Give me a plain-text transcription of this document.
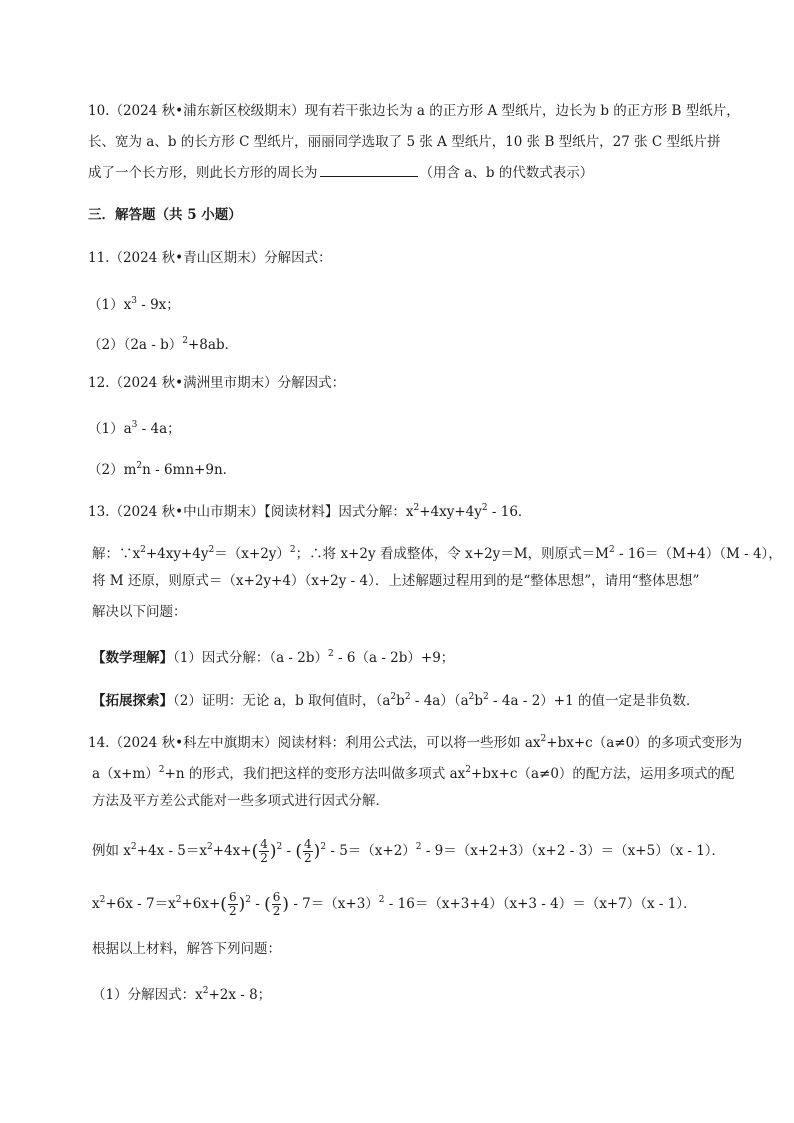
10.（2024 秋•浦东新区校级期末）现有若干张边长为 a 的正方形 A 型纸片，边长为 b 的正方形 B 型纸片，
长、宽为 a、b 的长方形 C 型纸片，丽丽同学选取了 5 张 A 型纸片，10 张 B 型纸片，27 张 C 型纸片拼
成了一个长方形，则此长方形的周长为	（用含 a、b 的代数式表示）
三．解答题（共 5 小题）
11.（2024 秋•青山区期末）分解因式：
$(1)x^3 - 9x$；
（2）（2a - b）$^2$+8ab．
12.（2024 秋•满洲里市期末）分解因式：
$(1)a^3 - 4a$；
$(2)m^2n - 6mn+9n$．
13.（2024 秋•中山市期末）【阅读材料】因式分解：$x^2+4xy+4y^2 - 16$．
解：$\because x^2+4xy+4y^2=(x+2y)^2$；∴将 x+2y 看成整体，令 x+2y＝M，则原式$=M^2 - 16=(M+4)(M - 4)$，
将 M 还原，则原式＝（x+2y+4）（x+2y - 4）．上述解题过程用到的是“整体思想”，请用“整体思想”
解决以下问题：
【数学理解】（1）因式分解：（a - 2b）$^2$ - 6（a - 2b）+9；
【拓展探索】（2）证明：无论 a，b 取何值时，$(a^2b^2 - 4a)(a^2b^2 - 4a - 2)+1$ 的值一定是非负数．
14.（2024 秋•科左中旗期末）阅读材料：利用公式法，可以将一些形如 $ax^2+bx+c(a\ne 0)$的多项式变形为
$a(x+m)^2+n$ 的形式，我们把这样的变形方法叫做多项式 $ax^2+bx+c(a\ne 0)$的配方法，运用多项式的配
方法及平方差公式能对一些多项式进行因式分解．
例如 $x^2+4x - 5=x^2+4x+( \frac{4}{2} )^2$ - ( $\frac{4}{2} )^2 - 5=(x+2)^2 - 9=(x+2+3)(x+2 - 3)=(x+5)(x - 1)$．
$x^2+6x - 7=x^2+6x+( \frac{6}{2} )^2$ - ( $\frac{6}{2}$ ) - $7=(x+3)^2 - 16=(x+3+4)(x+3 - 4)=(x+7)(x - 1)$．
根据以上材料，解答下列问题：
（1）分解因式：$x^2+2x - 8$；
